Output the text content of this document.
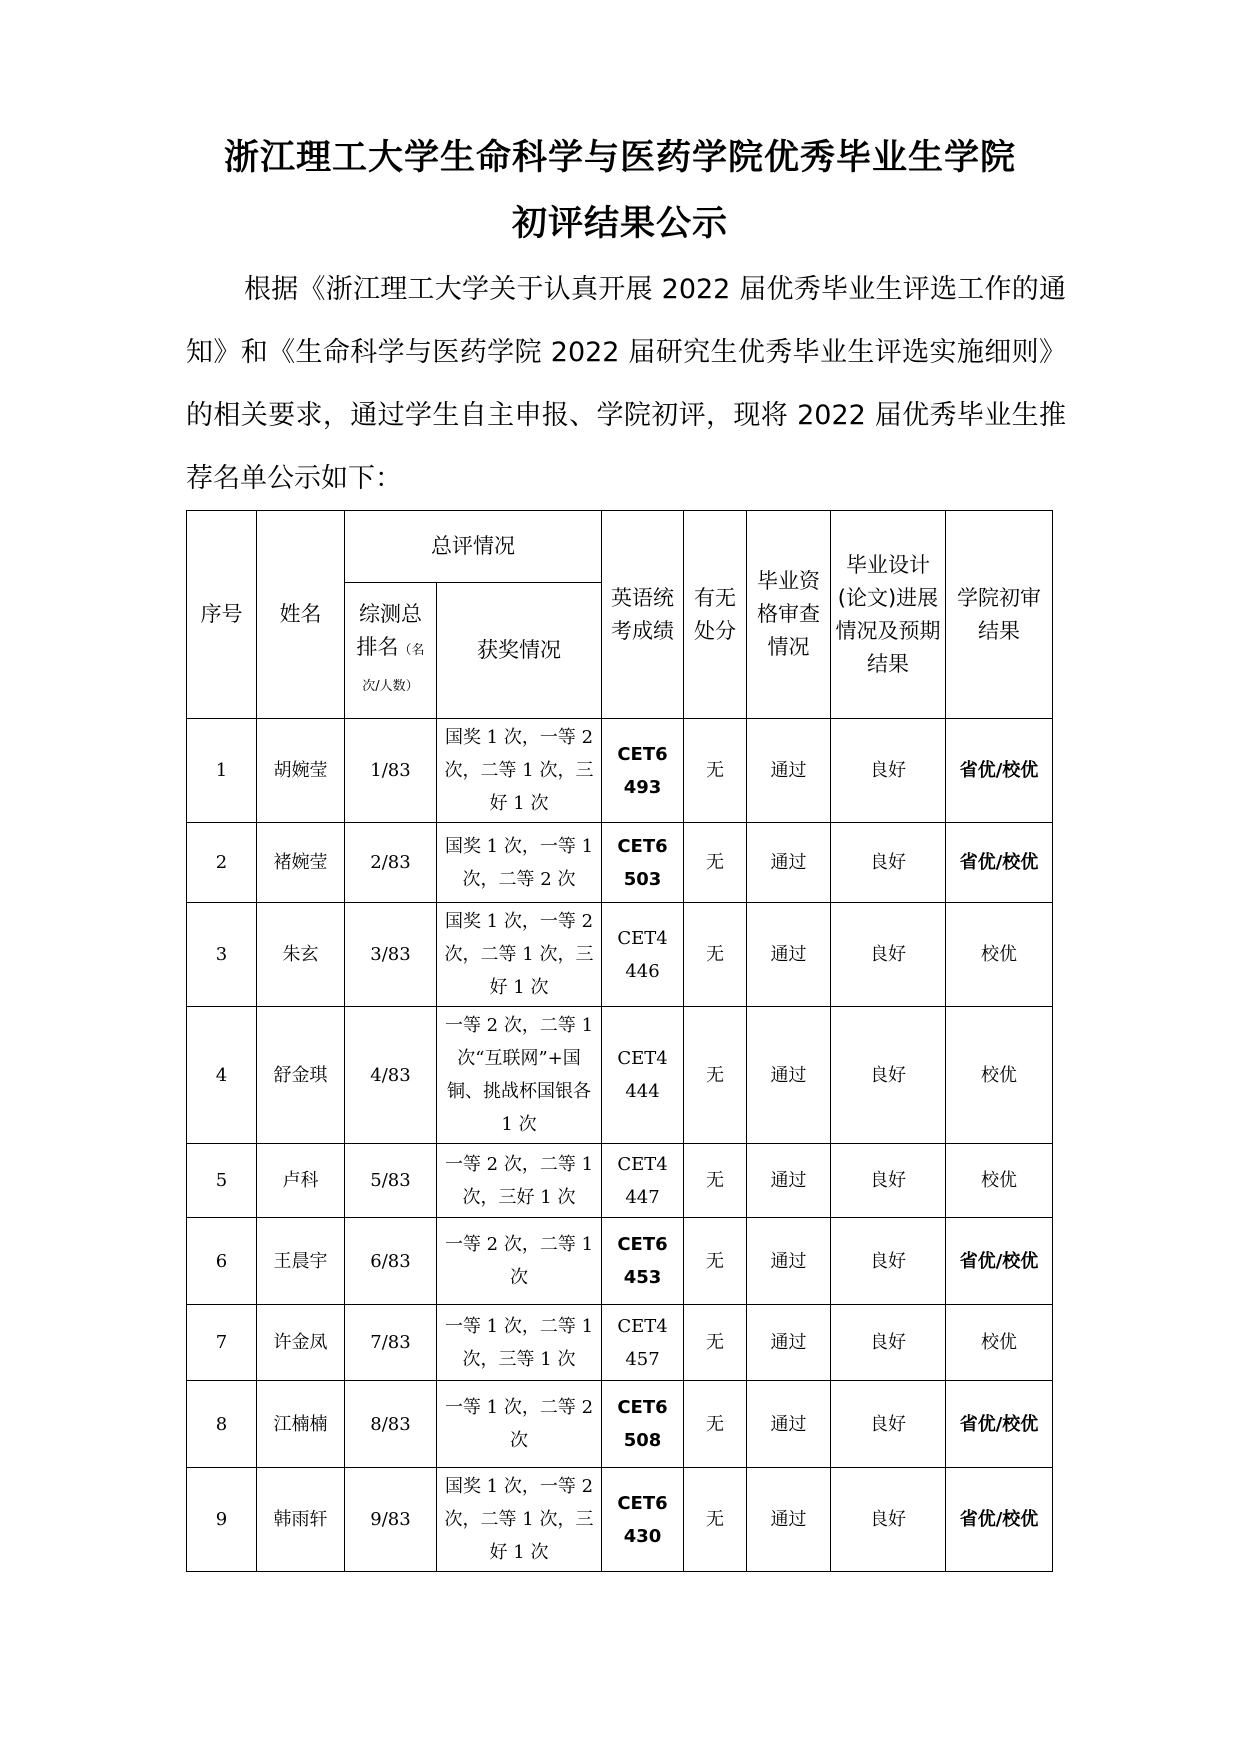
浙江理工大学生命科学与医药学院优秀毕业生学院
初评结果公示
根据《浙江理工大学关于认真开展 2022 届优秀毕业生评选工作的通知》和《生命科学与医药学院 2022 届研究生优秀毕业生评选实施细则》的相关要求，通过学生自主申报、学院初评，现将 2022 届优秀毕业生推荐名单公示如下：
序号	姓名	总评情况		英语统考成绩	有无处分	毕业资格审查情况	毕业设计(论文)进展情况及预期结果	学院初审结果
		综测总排名（名次/人数）	获奖情况					
1	胡婉莹	1/83	国奖 1 次，一等 2 次，二等 1 次，三好 1 次	CET6 493	无	通过	良好	省优/校优
2	褚婉莹	2/83	国奖 1 次，一等 1 次，二等 2 次	CET6 503	无	通过	良好	省优/校优
3	朱玄	3/83	国奖 1 次，一等 2 次，二等 1 次，三好 1 次	CET4 446	无	通过	良好	校优
4	舒金琪	4/83	一等 2 次，二等 1 次“互联网”+国铜、挑战杯国银各 1 次	CET4 444	无	通过	良好	校优
5	卢科	5/83	一等 2 次，二等 1 次，三好 1 次	CET4 447	无	通过	良好	校优
6	王晨宇	6/83	一等 2 次，二等 1 次	CET6 453	无	通过	良好	省优/校优
7	许金凤	7/83	一等 1 次，二等 1 次，三等 1 次	CET4 457	无	通过	良好	校优
8	江楠楠	8/83	一等 1 次，二等 2 次	CET6 508	无	通过	良好	省优/校优
9	韩雨轩	9/83	国奖 1 次，一等 2 次，二等 1 次，三好 1 次	CET6 430	无	通过	良好	省优/校优
